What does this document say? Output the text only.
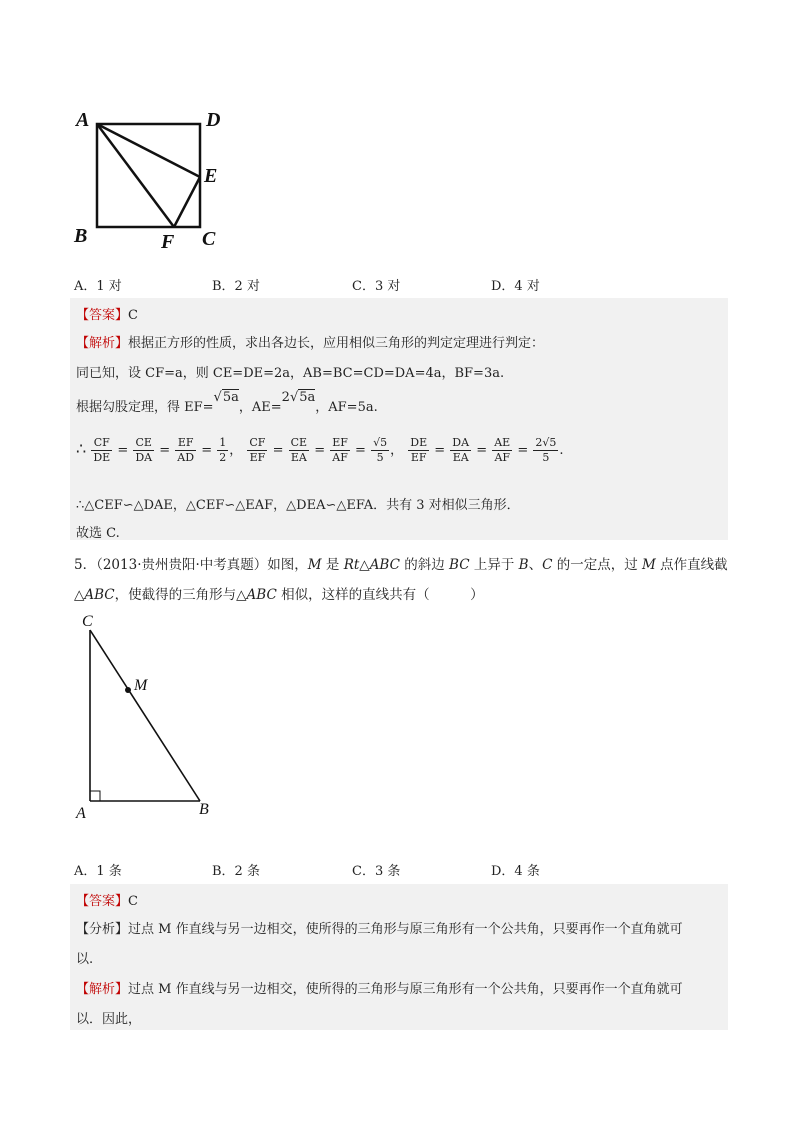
A	D
E
B	F C
A．1 对	B．2 对	C．3 对	D．4 对
【答案】C
【解析】根据正方形的性质，求出各边长，应用相似三角形的判定定理进行判定：
同已知，设 CF=a，则 CE=DE=2a，AB=BC=CD=DA=4a，BF=3a.
根据勾股定理，得 EF=√5a，AE=2√5a，AF=5a.
∴ $\frac{CF}{DE} = \frac{CE}{DA} = \frac{EF}{AD} = \frac{1}{2}$ ， $\frac{CF}{EF} = \frac{CE}{EA} = \frac{EF}{AF} = \frac{√5}{5}$ ， $\frac{DE}{EF} = \frac{DA}{EA} = \frac{AE}{AF} = \frac{2√5}{5}$ .
∴△CEF∽△DAE，△CEF∽△EAF，△DEA∽△EFA．共有 3 对相似三角形．
故选 C.
5．（2013·贵州贵阳·中考真题）如图，M 是 Rt△ABC 的斜边 BC 上异于 B、C 的一定点，过 M 点作直线截
△ABC，使截得的三角形与△ABC 相似，这样的直线共有（　　　）
C
M
A	B
A．1 条	B．2 条	C．3 条	D．4 条
【答案】C
【分析】过点 M 作直线与另一边相交，使所得的三角形与原三角形有一个公共角，只要再作一个直角就可
以.
【解析】过点 M 作直线与另一边相交，使所得的三角形与原三角形有一个公共角，只要再作一个直角就可
以．因此，
